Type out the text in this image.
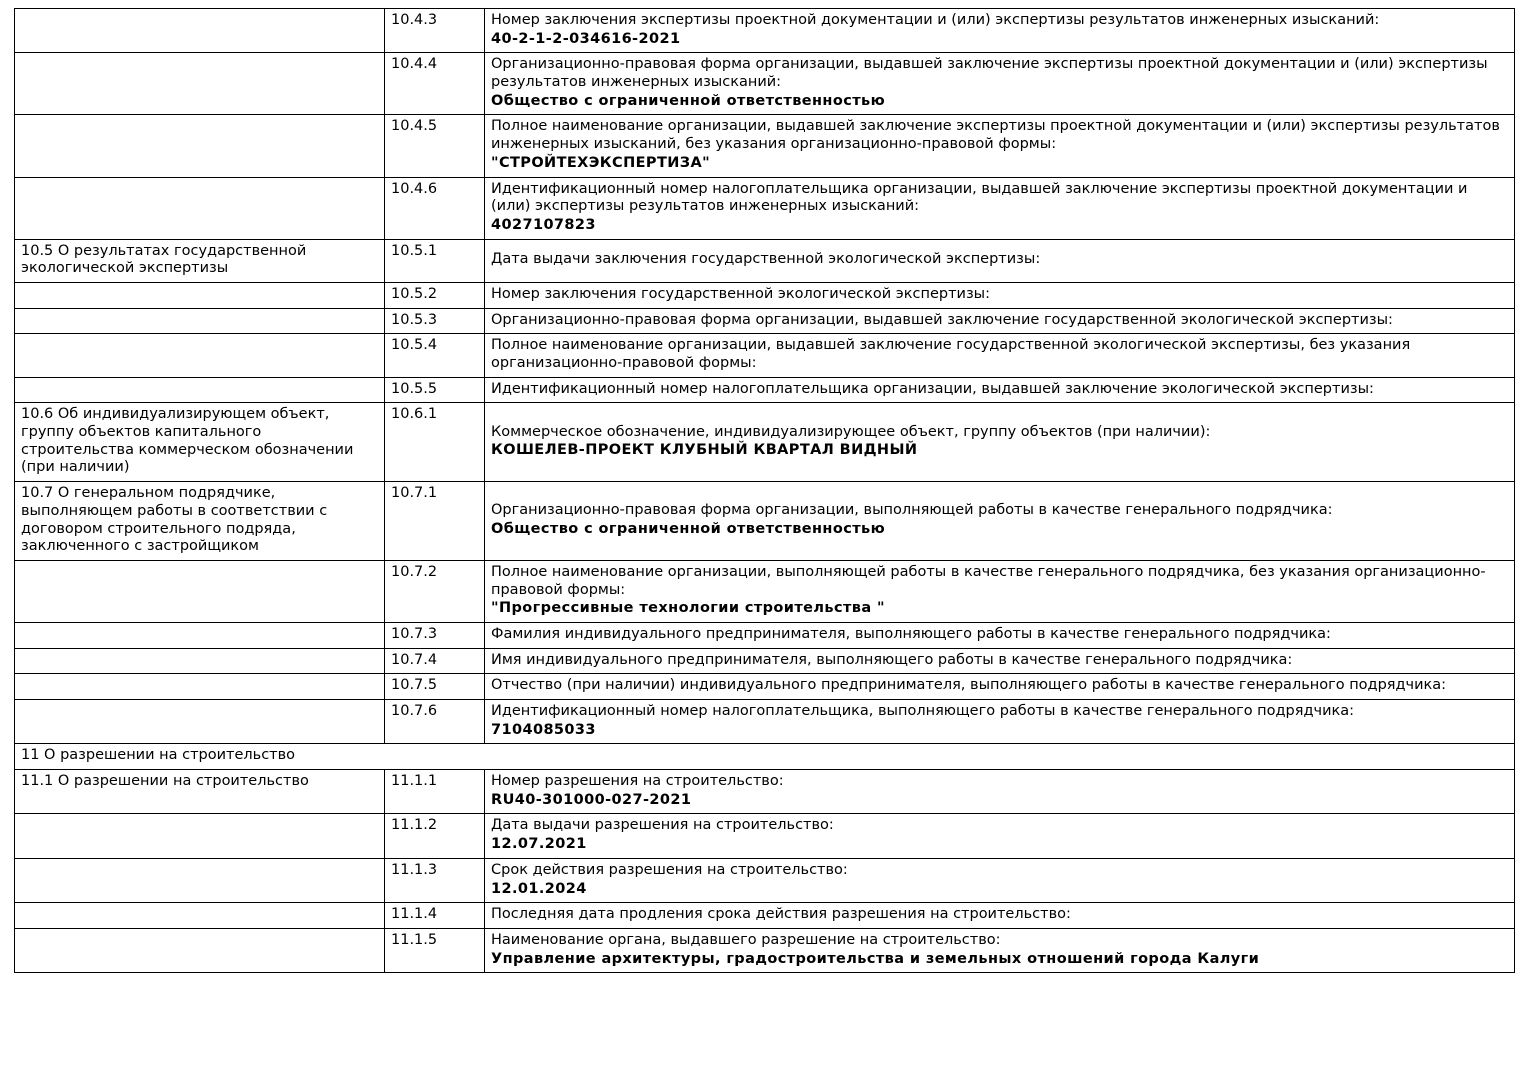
	10.4.3	Номер заключения экспертизы проектной документации и (или) экспертизы результатов инженерных изысканий:
40-2-1-2-034616-2021

	10.4.4	Организационно-правовая форма организации, выдавшей заключение экспертизы проектной документации и (или) экспертизы результатов инженерных изысканий:
Общество с ограниченной ответственностью

	10.4.5	Полное наименование организации, выдавшей заключение экспертизы проектной документации и (или) экспертизы результатов инженерных изысканий, без указания организационно-правовой формы:
"СТРОЙТЕХЭКСПЕРТИЗА"

	10.4.6	Идентификационный номер налогоплательщика организации, выдавшей заключение экспертизы проектной документации и (или) экспертизы результатов инженерных изысканий:
4027107823

10.5 О результатах государственной экологической экспертизы	10.5.1	Дата выдачи заключения государственной экологической экспертизы:

	10.5.2	Номер заключения государственной экологической экспертизы:

	10.5.3	Организационно-правовая форма организации, выдавшей заключение государственной экологической экспертизы:

	10.5.4	Полное наименование организации, выдавшей заключение государственной экологической экспертизы, без указания организационно-правовой формы:

	10.5.5	Идентификационный номер налогоплательщика организации, выдавшей заключение экологической экспертизы:

10.6 Об индивидуализирующем объект, группу объектов капитального строительства коммерческом обозначении (при наличии)	10.6.1	Коммерческое обозначение, индивидуализирующее объект, группу объектов (при наличии):
КОШЕЛЕВ-ПРОЕКТ КЛУБНЫЙ КВАРТАЛ ВИДНЫЙ

10.7 О генеральном подрядчике, выполняющем работы в соответствии с договором строительного подряда, заключенного с застройщиком	10.7.1	Организационно-правовая форма организации, выполняющей работы в качестве генерального подрядчика:
Общество с ограниченной ответственностью

	10.7.2	Полное наименование организации, выполняющей работы в качестве генерального подрядчика, без указания организационно-правовой формы:
"Прогрессивные технологии строительства "

	10.7.3	Фамилия индивидуального предпринимателя, выполняющего работы в качестве генерального подрядчика:

	10.7.4	Имя индивидуального предпринимателя, выполняющего работы в качестве генерального подрядчика:

	10.7.5	Отчество (при наличии) индивидуального предпринимателя, выполняющего работы в качестве генерального подрядчика:

	10.7.6	Идентификационный номер налогоплательщика, выполняющего работы в качестве генерального подрядчика:
7104085033

11 О разрешении на строительство		
11.1 О разрешении на строительство	11.1.1	Номер разрешения на строительство:
RU40-301000-027-2021

	11.1.2	Дата выдачи разрешения на строительство:
12.07.2021

	11.1.3	Срок действия разрешения на строительство:
12.01.2024

	11.1.4	Последняя дата продления срока действия разрешения на строительство:

	11.1.5	Наименование органа, выдавшего разрешение на строительство:
Управление архитектуры, градостроительства и земельных отношений города Калуги
